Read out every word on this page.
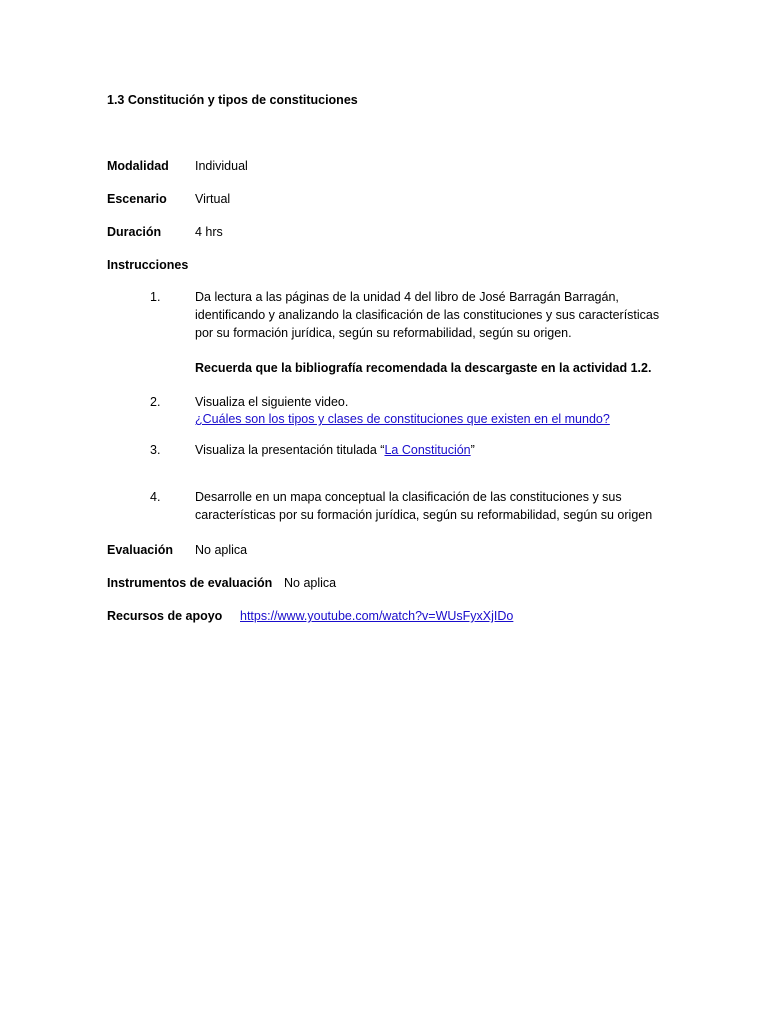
1.3 Constitución y tipos de constituciones
Modalidad Individual
Escenario Virtual
Duración	4 hrs
Instrucciones
1.	Da lectura a las páginas de la unidad 4 del libro de José Barragán Barragán,
identificando y analizando la clasificación de las constituciones y sus características
por su formación jurídica, según su reformabilidad, según su origen.
Recuerda que la bibliografía recomendada la descargaste en la actividad 1.2.
2.	Visualiza el siguiente video.
¿Cuáles son los tipos y clases de constituciones que existen en el mundo?
3.	Visualiza la presentación titulada “La Constitución”
4.	Desarrolle en un mapa conceptual la clasificación de las constituciones y sus
características por su formación jurídica, según su reformabilidad, según su origen
Evaluación No aplica
Instrumentos de evaluación No aplica
Recursos de apoyo https://www.youtube.com/watch?v=WUsFyxXjIDo
